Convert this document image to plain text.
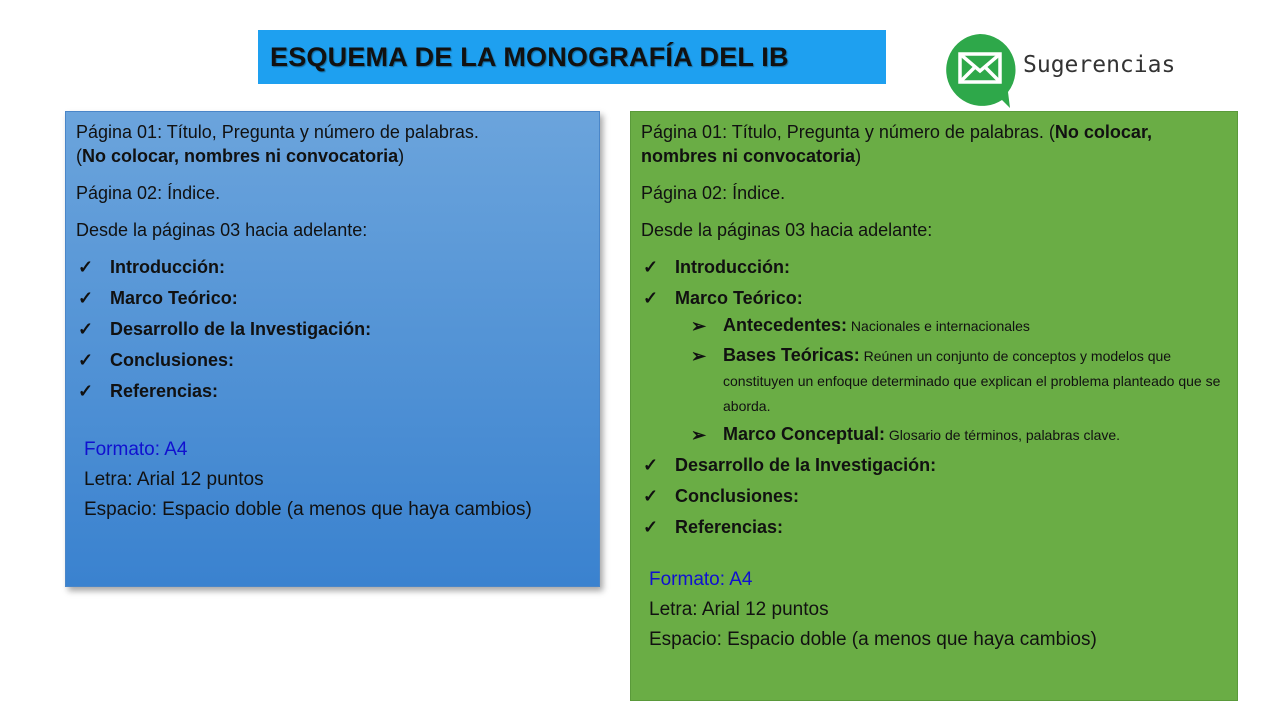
ESQUEMA DE LA MONOGRAFÍA DEL IB	Sugerencias
Página 01: Título, Pregunta y número de palabras.
(No colocar, nombres ni convocatoria)
Página 02: Índice.
Desde la páginas 03 hacia adelante:
✓ Introducción:
✓ Marco Teórico:
✓ Desarrollo de la Investigación:
✓ Conclusiones:
✓ Referencias:
Formato: A4
Letra: Arial 12 puntos
Espacio: Espacio doble (a menos que haya cambios)
Página 01: Título, Pregunta y número de palabras. (No colocar, nombres ni convocatoria)
Página 02: Índice.
Desde la páginas 03 hacia adelante:
✓ Introducción:
✓ Marco Teórico:
➢ Antecedentes: Nacionales e internacionales
➢ Bases Teóricas: Reúnen un conjunto de conceptos y modelos que constituyen un enfoque determinado que explican el problema planteado que se aborda.
➢ Marco Conceptual: Glosario de términos, palabras clave.
✓ Desarrollo de la Investigación:
✓ Conclusiones:
✓ Referencias:
Formato: A4
Letra: Arial 12 puntos
Espacio: Espacio doble (a menos que haya cambios)
